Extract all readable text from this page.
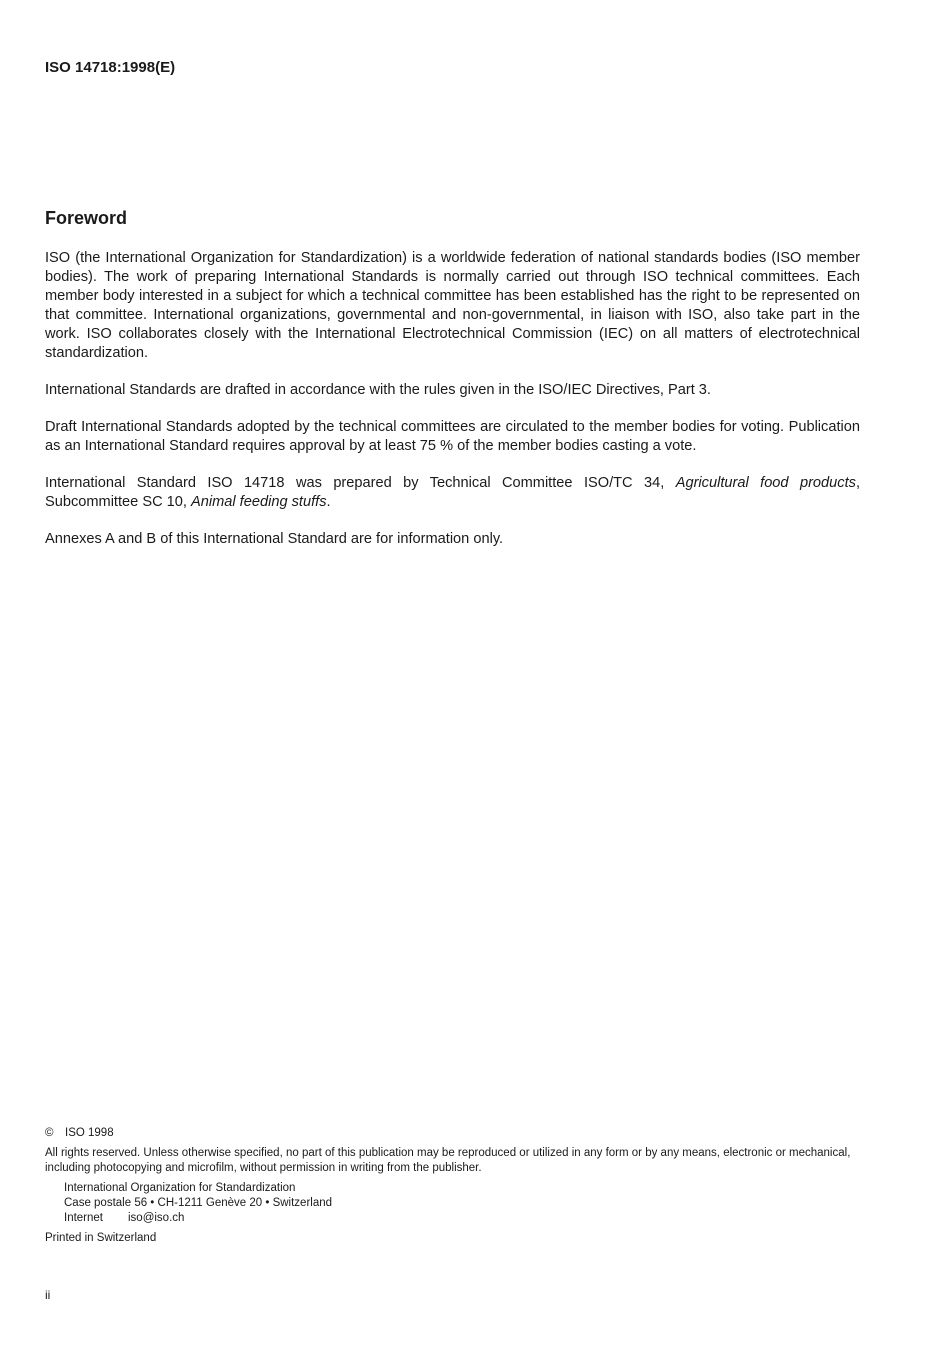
ISO 14718:1998(E)
Foreword

ISO (the International Organization for Standardization) is a worldwide federation of national standards bodies (ISO member bodies). The work of preparing International Standards is normally carried out through ISO technical committees. Each member body interested in a subject for which a technical committee has been established has the right to be represented on that committee. International organizations, governmental and non-governmental, in liaison with ISO, also take part in the work. ISO collaborates closely with the International Electrotechnical Commission (IEC) on all matters of electrotechnical standardization.

International Standards are drafted in accordance with the rules given in the ISO/IEC Directives, Part 3.

Draft International Standards adopted by the technical committees are circulated to the member bodies for voting. Publication as an International Standard requires approval by at least 75 % of the member bodies casting a vote.

International Standard ISO 14718 was prepared by Technical Committee ISO/TC 34, Agricultural food products, Subcommittee SC 10, Animal feeding stuffs.

Annexes A and B of this International Standard are for information only.

© ISO 1998
All rights reserved. Unless otherwise specified, no part of this publication may be reproduced or utilized in any form or by any means, electronic or mechanical, including photocopying and microfilm, without permission in writing from the publisher.
International Organization for Standardization
Case postale 56 • CH-1211 Genève 20 • Switzerland
Internet iso@iso.ch
Printed in Switzerland
ii
